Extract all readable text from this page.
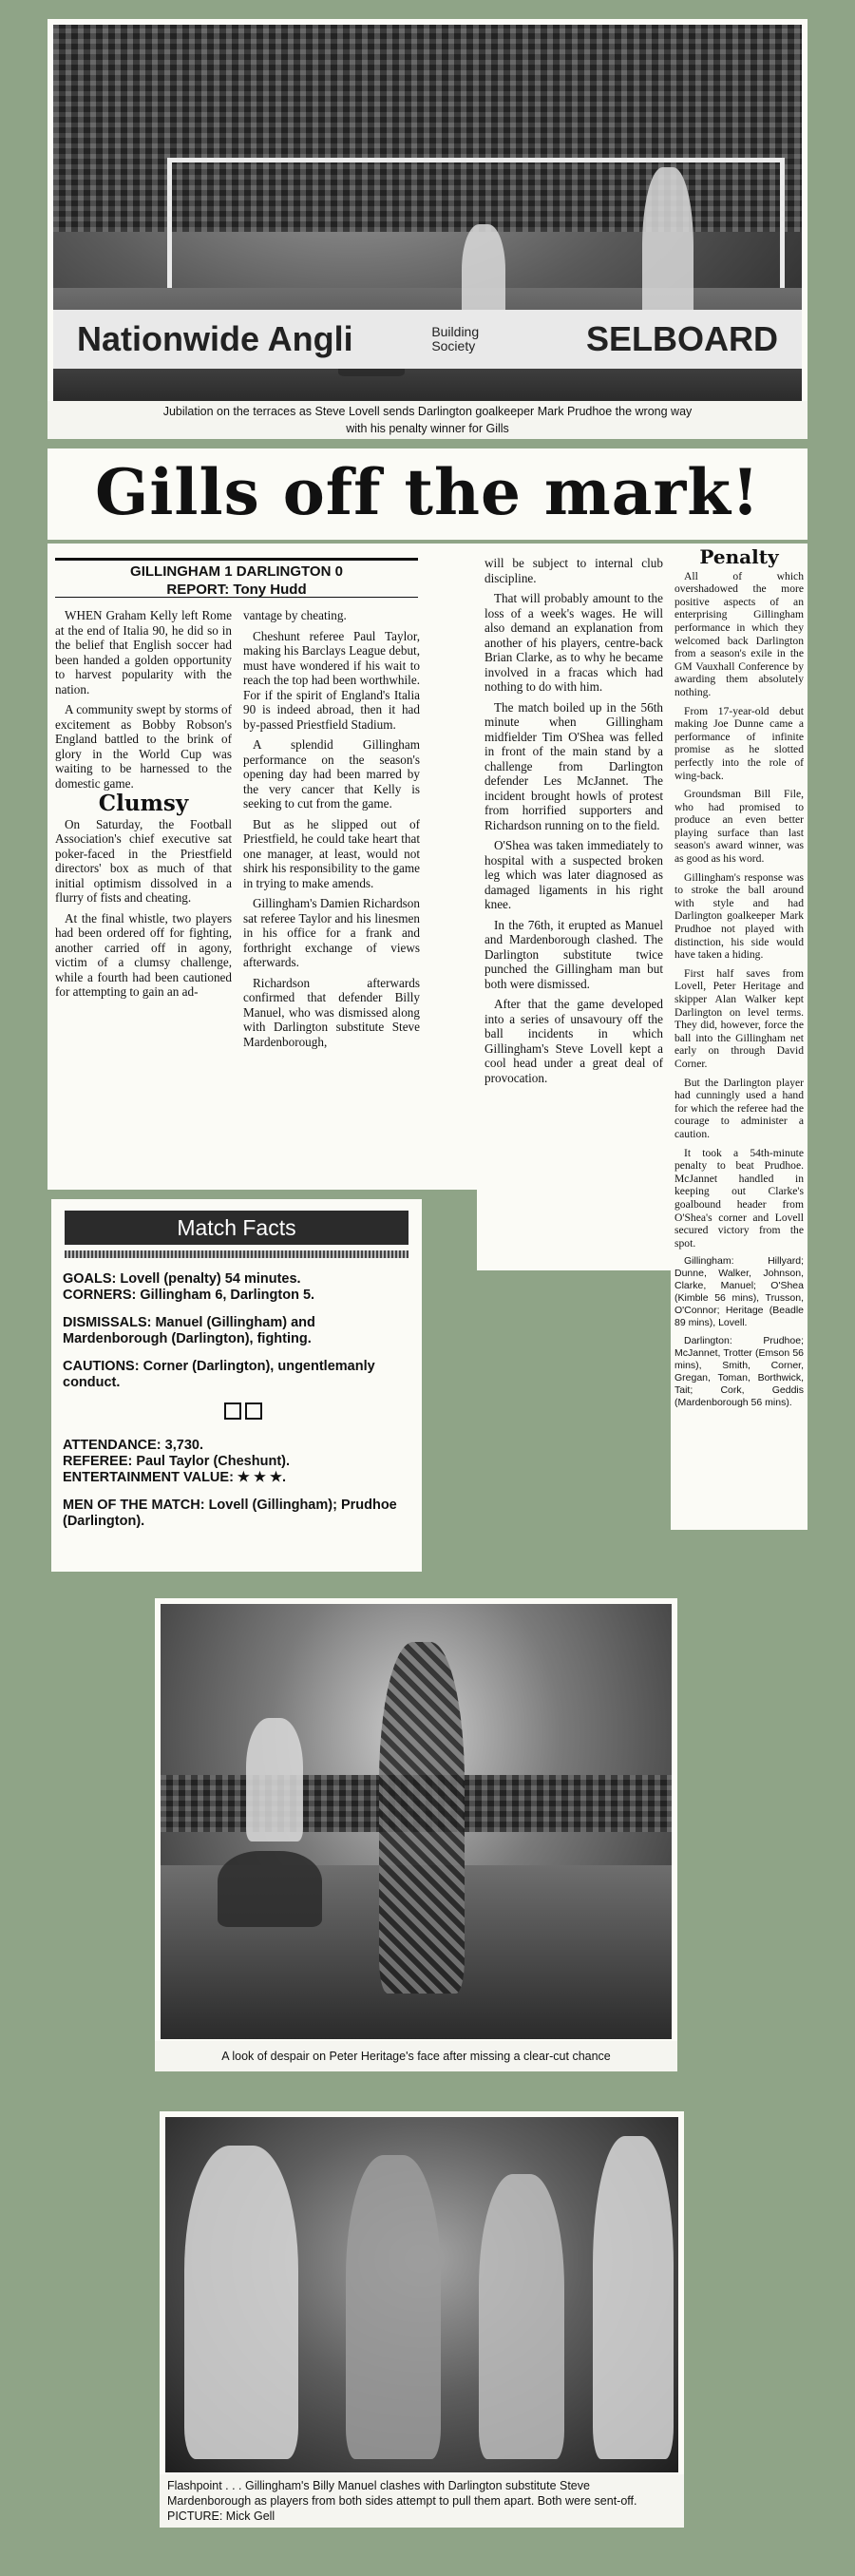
Nationwide Angli	Building Society	SELBOARD
Jubilation on the terraces as Steve Lovell sends Darlington goalkeeper Mark Prudhoe the wrong way with his penalty winner for Gills
Gills off the mark!
GILLINGHAM 1 DARLINGTON 0
REPORT: Tony Hudd

WHEN Graham Kelly left Rome at the end of Italia 90, he did so in the belief that English soccer had been handed a golden opportunity to harvest popularity with the nation.

A community swept by storms of excitement as Bobby Robson's England battled to the brink of glory in the World Cup was waiting to be harnessed to the domestic game.

Clumsy

On Saturday, the Football Association's chief executive sat poker-faced in the Priestfield directors' box as much of that initial optimism dissolved in a flurry of fists and cheating.

At the final whistle, two players had been ordered off for fighting, another carried off in agony, victim of a clumsy challenge, while a fourth had been cautioned for attempting to gain an ad-

vantage by cheating.

Cheshunt referee Paul Taylor, making his Barclays League debut, must have wondered if his wait to reach the top had been worthwhile. For if the spirit of England's Italia 90 is indeed abroad, then it had by-passed Priestfield Stadium.

A splendid Gillingham performance on the season's opening day had been marred by the very cancer that Kelly is seeking to cut from the game.

But as he slipped out of Priestfield, he could take heart that one manager, at least, would not shirk his responsibility to the game in trying to make amends.

Gillingham's Damien Richardson sat referee Taylor and his linesmen in his office for a frank and forthright exchange of views afterwards.

Richardson afterwards confirmed that defender Billy Manuel, who was dismissed along with Darlington substitute Steve Mardenborough,

will be subject to internal club discipline.

That will probably amount to the loss of a week's wages. He will also demand an explanation from another of his players, centre-back Brian Clarke, as to why he became involved in a fracas which had nothing to do with him.

The match boiled up in the 56th minute when Gillingham midfielder Tim O'Shea was felled in front of the main stand by a challenge from Darlington defender Les McJannet. The incident brought howls of protest from horrified supporters and Richardson running on to the field.

O'Shea was taken immediately to hospital with a suspected broken leg which was later diagnosed as damaged ligaments in his right knee.

In the 76th, it erupted as Manuel and Mardenborough clashed. The Darlington substitute twice punched the Gillingham man but both were dismissed.

After that the game developed into a series of unsavoury off the ball incidents in which Gillingham's Steve Lovell kept a cool head under a great deal of provocation.

Penalty

All of which overshadowed the more positive aspects of an enterprising Gillingham performance in which they welcomed back Darlington from a season's exile in the GM Vauxhall Conference by awarding them absolutely nothing.

From 17-year-old debut making Joe Dunne came a performance of infinite promise as he slotted perfectly into the role of wing-back.

Groundsman Bill File, who had promised to produce an even better playing surface than last season's award winner, was as good as his word.

Gillingham's response was to stroke the ball around with style and had Darlington goalkeeper Mark Prudhoe not played with distinction, his side would have taken a hiding.

First half saves from Lovell, Peter Heritage and skipper Alan Walker kept Darlington on level terms. They did, however, force the ball into the Gillingham net early on through David Corner.

But the Darlington player had cunningly used a hand for which the referee had the courage to administer a caution.

It took a 54th-minute penalty to beat Prudhoe. McJannet handled in keeping out Clarke's goalbound header from O'Shea's corner and Lovell secured victory from the spot.

Gillingham: Hillyard; Dunne, Walker, Johnson, Clarke, Manuel; O'Shea (Kimble 56 mins), Trusson, O'Connor; Heritage (Beadle 89 mins), Lovell.

Darlington: Prudhoe; McJannet, Trotter (Emson 56 mins), Smith, Corner, Gregan, Toman, Borthwick, Tait; Cork, Geddis (Mardenborough 56 mins).

Match Facts

GOALS: Lovell (penalty) 54 minutes.

CORNERS: Gillingham 6, Darlington 5.

DISMISSALS: Manuel (Gillingham) and Mardenborough (Darlington), fighting.

CAUTIONS: Corner (Darlington), ungentlemanly conduct.

ATTENDANCE: 3,730.

REFEREE: Paul Taylor (Cheshunt).

ENTERTAINMENT VALUE: ★ ★ ★.

MEN OF THE MATCH: Lovell (Gillingham); Prudhoe (Darlington).

A look of despair on Peter Heritage's face after missing a clear-cut chance
Flashpoint . . . Gillingham's Billy Manuel clashes with Darlington substitute Steve Mardenborough as players from both sides attempt to pull them apart. Both were sent-off. PICTURE: Mick Gell
